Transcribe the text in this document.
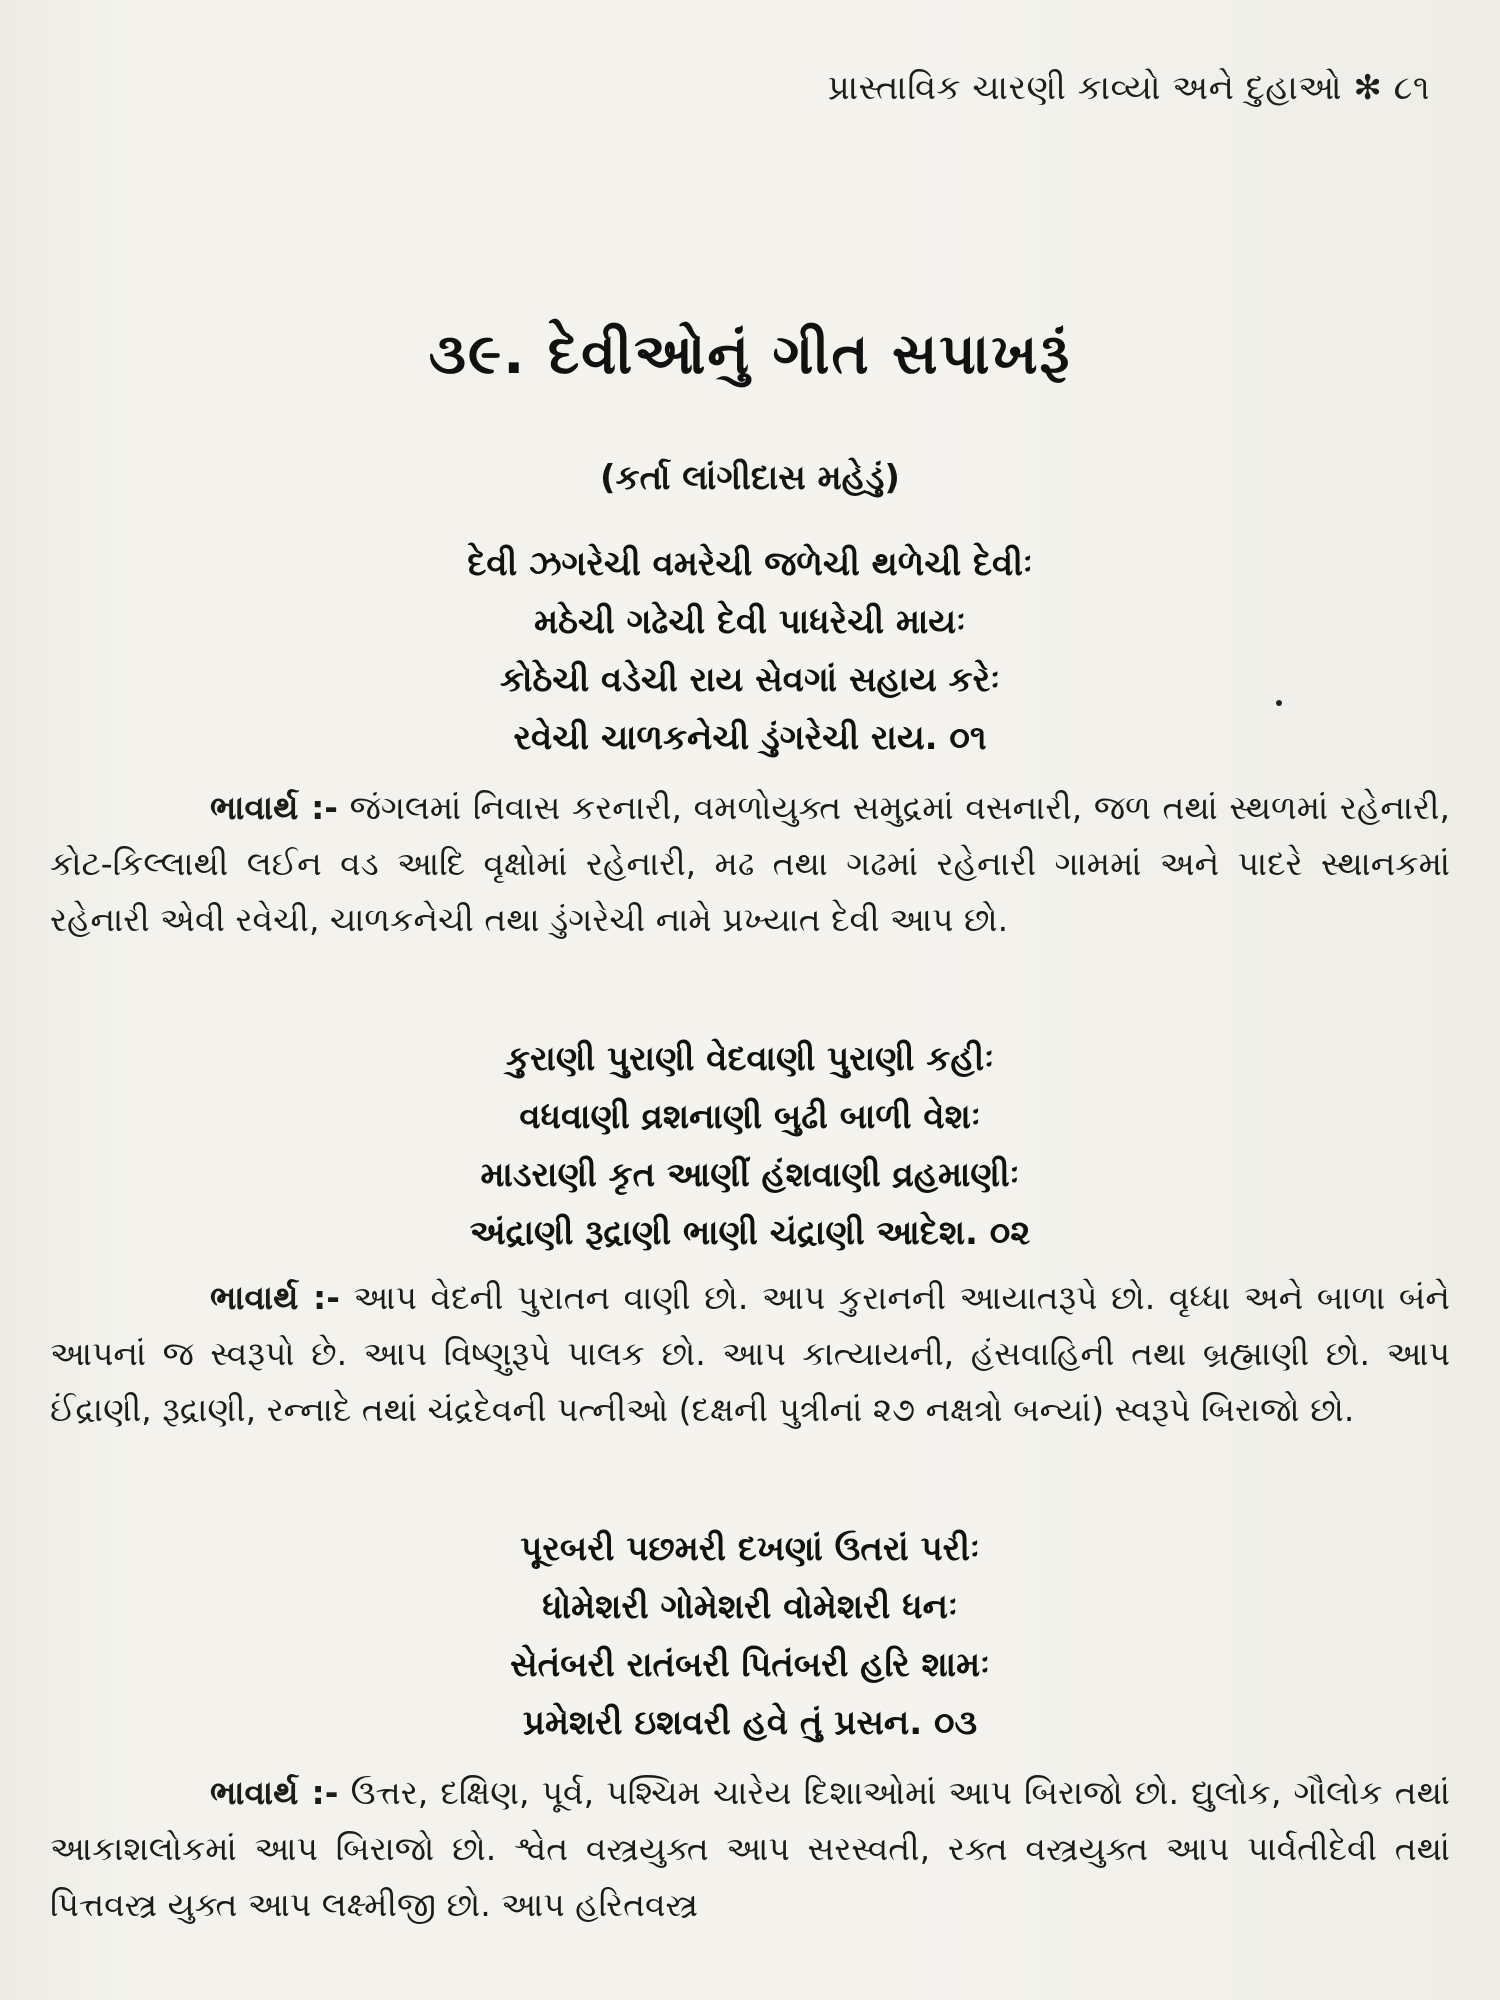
પ્રાસ્તાવિક ચારણી કાવ્યો અને દુહાઓ ✻ ૮૧
૩૯. દેવીઓનું ગીત સપાખરૂં
(કર્તા લાંગીદાસ મહેડું)
દેવી ઝગરેચી વમરેચી જળેચી થળેચી દેવીઃ
મઠેચી ગઢેચી દેવી પાધરેચી માયઃ
કોઠેચી વડેચી રાય સેવગાં સહાય કરેઃ
રવેચી ચાળકનેચી ડુંગરેચી રાય. ૦૧
ભાવાર્થ :- જંગલમાં નિવાસ કરનારી, વમળોયુક્ત સમુદ્રમાં વસનારી, જળ તથાં સ્થળમાં રહેનારી, કોટ-કિલ્લાથી લઈન વડ આદિ વૃક્ષોમાં રહેનારી, મઢ તથા ગઢમાં રહેનારી ગામમાં અને પાદરે સ્થાનકમાં રહેનારી એવી રવેચી, ચાળકનેચી તથા ડુંગરેચી નામે પ્રખ્યાત દેવી આપ છો.
કુરાણી પુરાણી વેદવાણી પુરાણી કહીઃ
વધવાણી વ્રશનાણી બુઢી બાળી વેશઃ
માડરાણી કૃત આણીં હંશવાણી વ્રહમાણીઃ
અંદ્રાણી રૂદ્રાણી ભાણી ચંદ્રાણી આદેશ. ૦૨
ભાવાર્થ :- આપ વેદની પુરાતન વાણી છો. આપ કુરાનની આયાતરૂપે છો. વૃધ્ધા અને બાળા બંને આપનાં જ સ્વરૂપો છે. આપ વિષ્ણુરૂપે પાલક છો. આપ કાત્યાયની, હંસવાહિની તથા બ્રહ્માણી છો. આપ ઈંદ્રાણી, રૂદ્રાણી, રન્નાદે તથાં ચંદ્રદેવની પત્નીઓ (દક્ષની પુત્રીનાં ૨૭ નક્ષત્રો બન્યાં) સ્વરૂપે બિરાજો છો.
પૂરબરી પછમરી દખણાં ઉતરાં પરીઃ
ધોમેશરી ગોમેશરી વોમેશરી ધનઃ
સેતંબરી રાતંબરી પિતંબરી હરિ શામઃ
પ્રમેશરી ઇશવરી હવે તું પ્રસન. ૦૩
ભાવાર્થ :- ઉત્તર, દક્ષિણ, પૂર્વ, પશ્ચિમ ચારેય દિશાઓમાં આપ બિરાજો છો. દ્યુલોક, ગૌલોક તથાં આકાશલોકમાં આપ બિરાજો છો. શ્વેત વસ્ત્રયુક્ત આપ સરસ્વતી, રક્ત વસ્ત્રયુક્ત આપ પાર્વતીદેવી તથાં પિત્તવસ્ત્ર યુક્ત આપ લક્ષ્મીજી છો. આપ હરિતવસ્ત્ર
